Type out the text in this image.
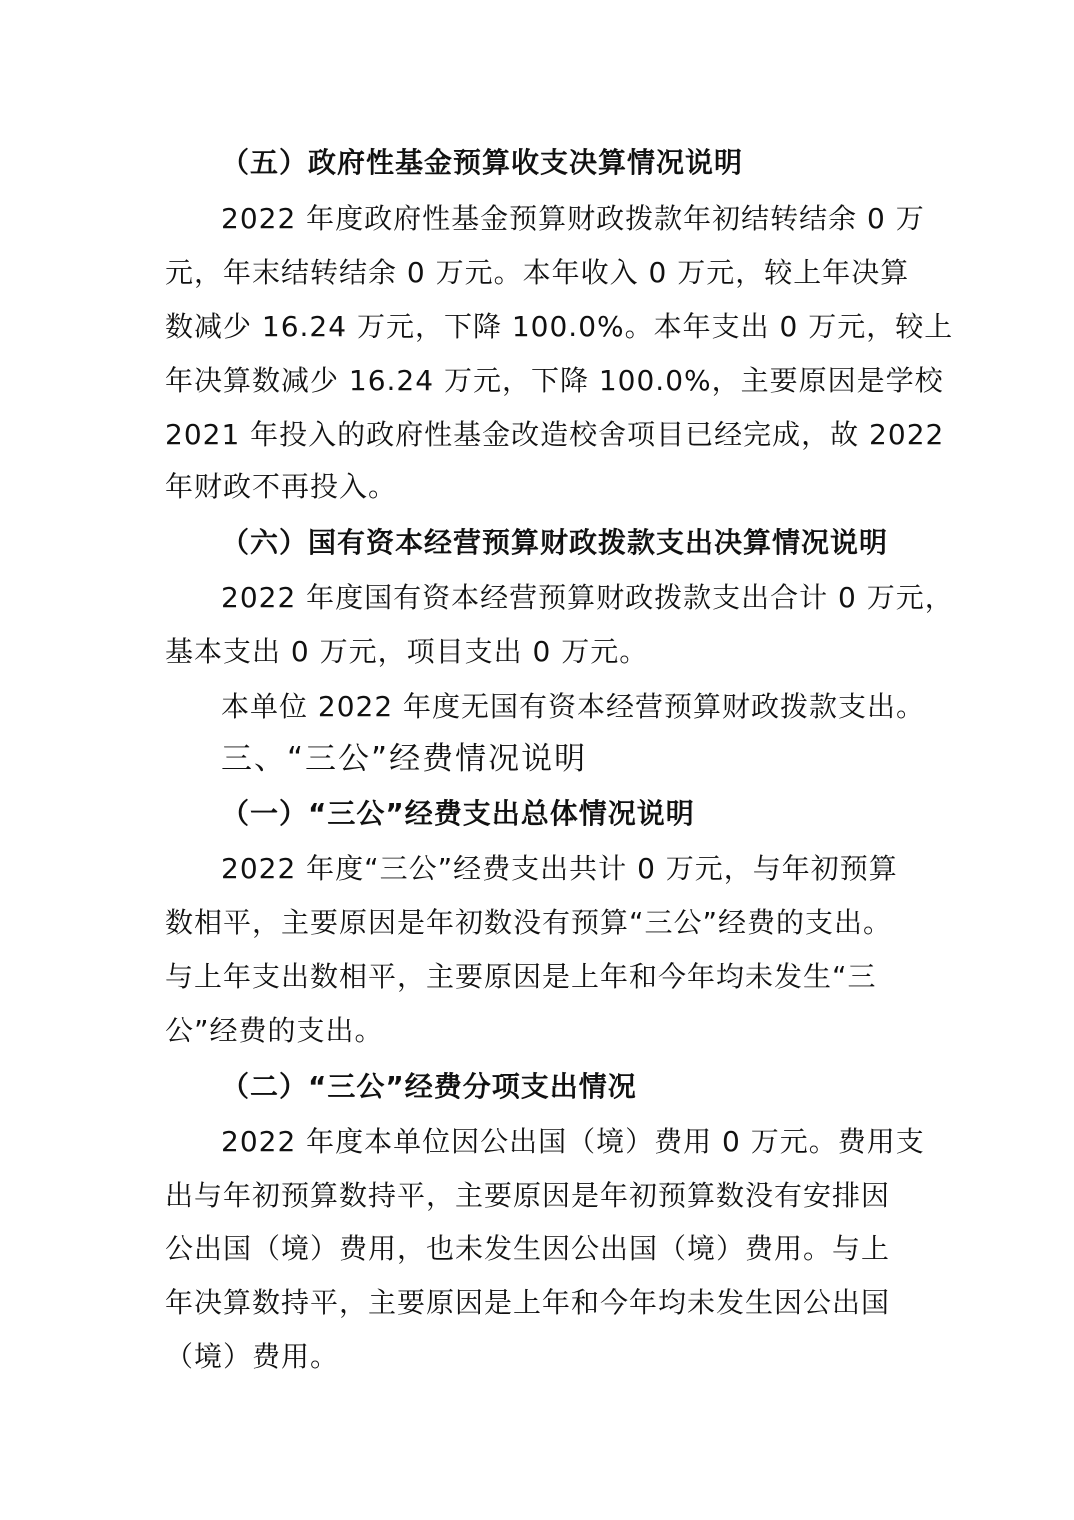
（五）政府性基金预算收支决算情况说明
2022 年度政府性基金预算财政拨款年初结转结余 0 万
元，年末结转结余 0 万元。本年收入 0 万元，较上年决算
数减少 16.24 万元，下降 100.0%。本年支出 0 万元，较上
年决算数减少 16.24 万元，下降 100.0%，主要原因是学校
2021 年投入的政府性基金改造校舍项目已经完成，故 2022
年财政不再投入。
（六）国有资本经营预算财政拨款支出决算情况说明
2022 年度国有资本经营预算财政拨款支出合计 0 万元，
基本支出 0 万元，项目支出 0 万元。
本单位 2022 年度无国有资本经营预算财政拨款支出。
三、“三公”经费情况说明
（一）“三公”经费支出总体情况说明
2022 年度“三公”经费支出共计 0 万元，与年初预算
数相平，主要原因是年初数没有预算“三公”经费的支出。
与上年支出数相平，主要原因是上年和今年均未发生“三
公”经费的支出。
（二）“三公”经费分项支出情况
2022 年度本单位因公出国（境）费用 0 万元。费用支
出与年初预算数持平，主要原因是年初预算数没有安排因
公出国（境）费用，也未发生因公出国（境）费用。与上
年决算数持平，主要原因是上年和今年均未发生因公出国
（境）费用。
